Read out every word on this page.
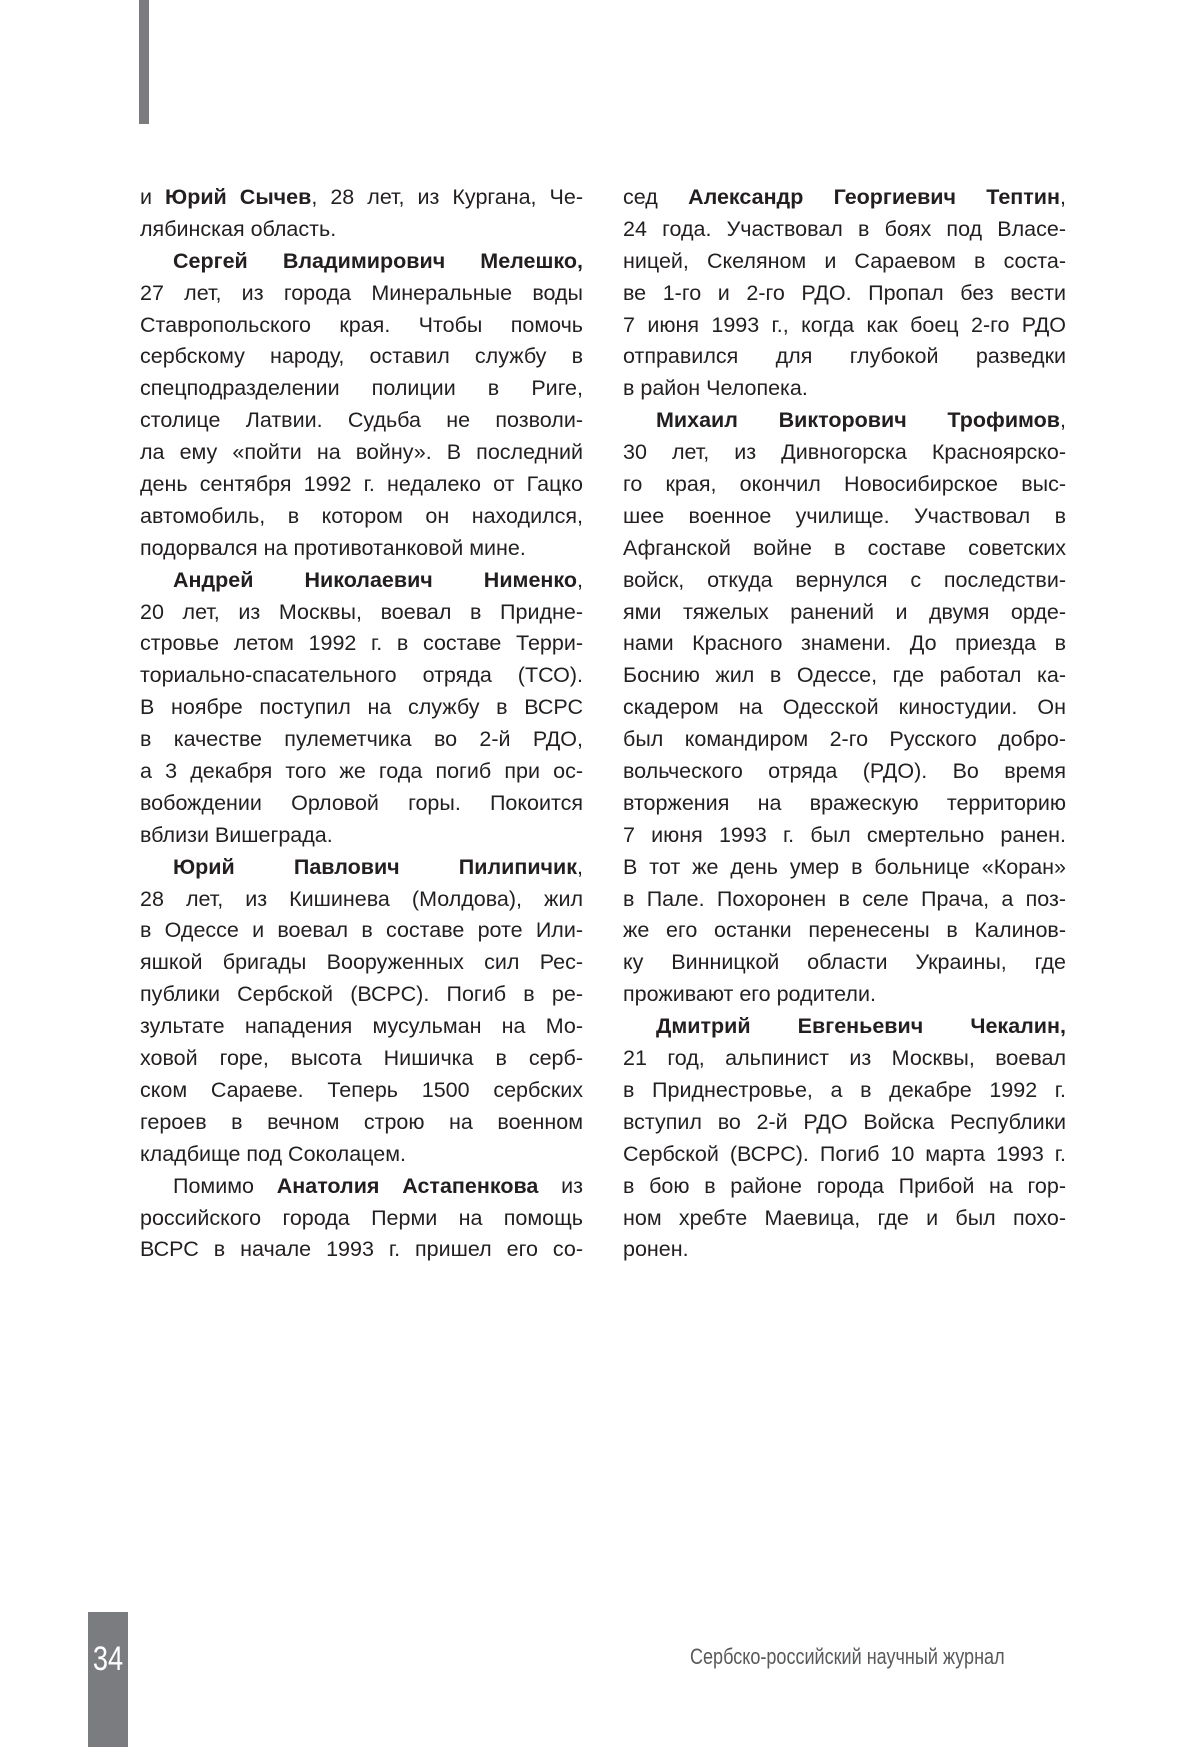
и Юрий Сычев, 28 лет, из Кургана, Че-
лябинская область.
Сергей Владимирович Мелешко,
27 лет, из города Минеральные воды
Ставропольского края. Чтобы помочь
сербскому народу, оставил службу в
спецподразделении полиции в Риге,
столице Латвии. Судьба не позволи-
ла ему «пойти на войну». В последний
день сентября 1992 г. недалеко от Гацко
автомобиль, в котором он находился,
подорвался на противотанковой мине.
Андрей Николаевич Нименко,
20 лет, из Москвы, воевал в Придне-
стровье летом 1992 г. в составе Терри-
ториально-спасательного отряда (ТСО).
В ноябре поступил на службу в ВСРС
в качестве пулеметчика во 2-й РДО,
а 3 декабря того же года погиб при ос-
вобождении Орловой горы. Покоится
вблизи Вишеграда.
Юрий Павлович Пилипичик,
28 лет, из Кишинева (Молдова), жил
в Одессе и воевал в составе роте Или-
яшкой бригады Вооруженных сил Рес-
публики Сербской (ВСРС). Погиб в ре-
зультате нападения мусульман на Мо-
ховой горе, высота Нишичка в серб-
ском Сараеве. Теперь 1500 сербских
героев в вечном строю на военном
кладбище под Соколацем.
Помимо Анатолия Астапенкова из
российского города Перми на помощь
ВСРС в начале 1993 г. пришел его со-
сед Александр Георгиевич Тептин,
24 года. Участвовал в боях под Власе-
ницей, Скеляном и Сараевом в соста-
ве 1-го и 2-го РДО. Пропал без вести
7 июня 1993 г., когда как боец 2-го РДО
отправился для глубокой разведки
в район Челопека.
Михаил Викторович Трофимов,
30 лет, из Дивногорска Красноярско-
го края, окончил Новосибирское выс-
шее военное училище. Участвовал в
Афганской войне в составе советских
войск, откуда вернулся с последстви-
ями тяжелых ранений и двумя орде-
нами Красного знамени. До приезда в
Боснию жил в Одессе, где работал ка-
скадером на Одесской киностудии. Он
был командиром 2-го Русского добро-
вольческого отряда (РДО). Во время
вторжения на вражескую территорию
7 июня 1993 г. был смертельно ранен.
В тот же день умер в больнице «Коран»
в Пале. Похоронен в селе Прача, а поз-
же его останки перенесены в Калинов-
ку Винницкой области Украины, где
проживают его родители.
Дмитрий Евгеньевич Чекалин,
21 год, альпинист из Москвы, воевал
в Приднестровье, а в декабре 1992 г.
вступил во 2-й РДО Войска Республики
Сербской (ВСРС). Погиб 10 марта 1993 г.
в бою в районе города Прибой на гор-
ном хребте Маевица, где и был похо-
ронен.
34	Сербско-российский научный журнал
